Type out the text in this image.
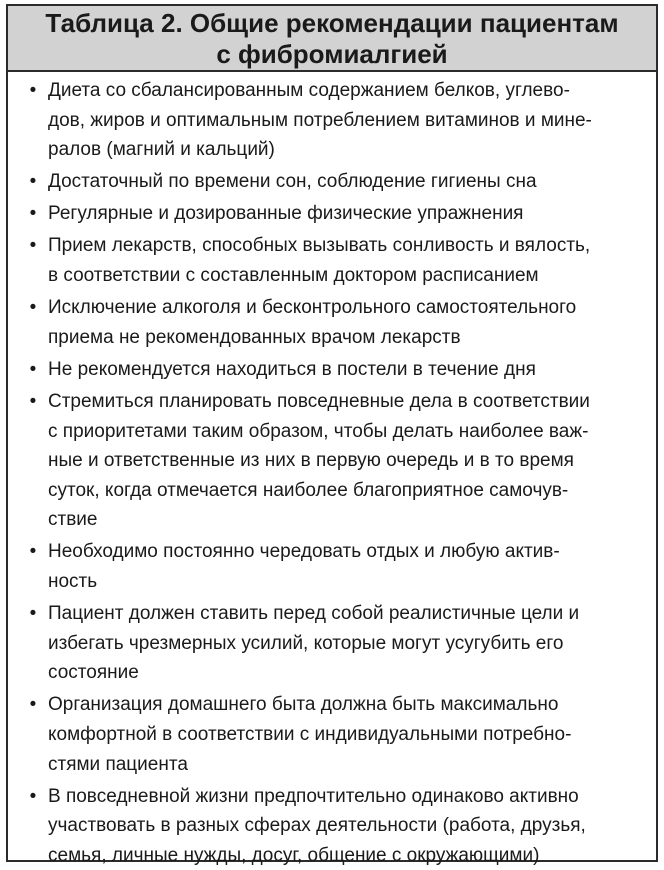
Таблица 2. Общие рекомендации пациентам
с фибромиалгией
• Диета со сбалансированным содержанием белков, углево-
дов, жиров и оптимальным потреблением витаминов и мине-
ралов (магний и кальций)
• Достаточный по времени сон, соблюдение гигиены сна
• Регулярные и дозированные физические упражнения
• Прием лекарств, способных вызывать сонливость и вялость,
в соответствии с составленным доктором расписанием
• Исключение алкоголя и бесконтрольного самостоятельного
приема не рекомендованных врачом лекарств
• Не рекомендуется находиться в постели в течение дня
• Стремиться планировать повседневные дела в соответствии
с приоритетами таким образом, чтобы делать наиболее важ-
ные и ответственные из них в первую очередь и в то время
суток, когда отмечается наиболее благоприятное самочув-
ствие
• Необходимо постоянно чередовать отдых и любую актив-
ность
• Пациент должен ставить перед собой реалистичные цели и
избегать чрезмерных усилий, которые могут усугубить его
состояние
• Организация домашнего быта должна быть максимально
комфортной в соответствии с индивидуальными потребно-
стями пациента
• В повседневной жизни предпочтительно одинаково активно
участвовать в разных сферах деятельности (работа, друзья,
семья, личные нужды, досуг, общение с окружающими)
